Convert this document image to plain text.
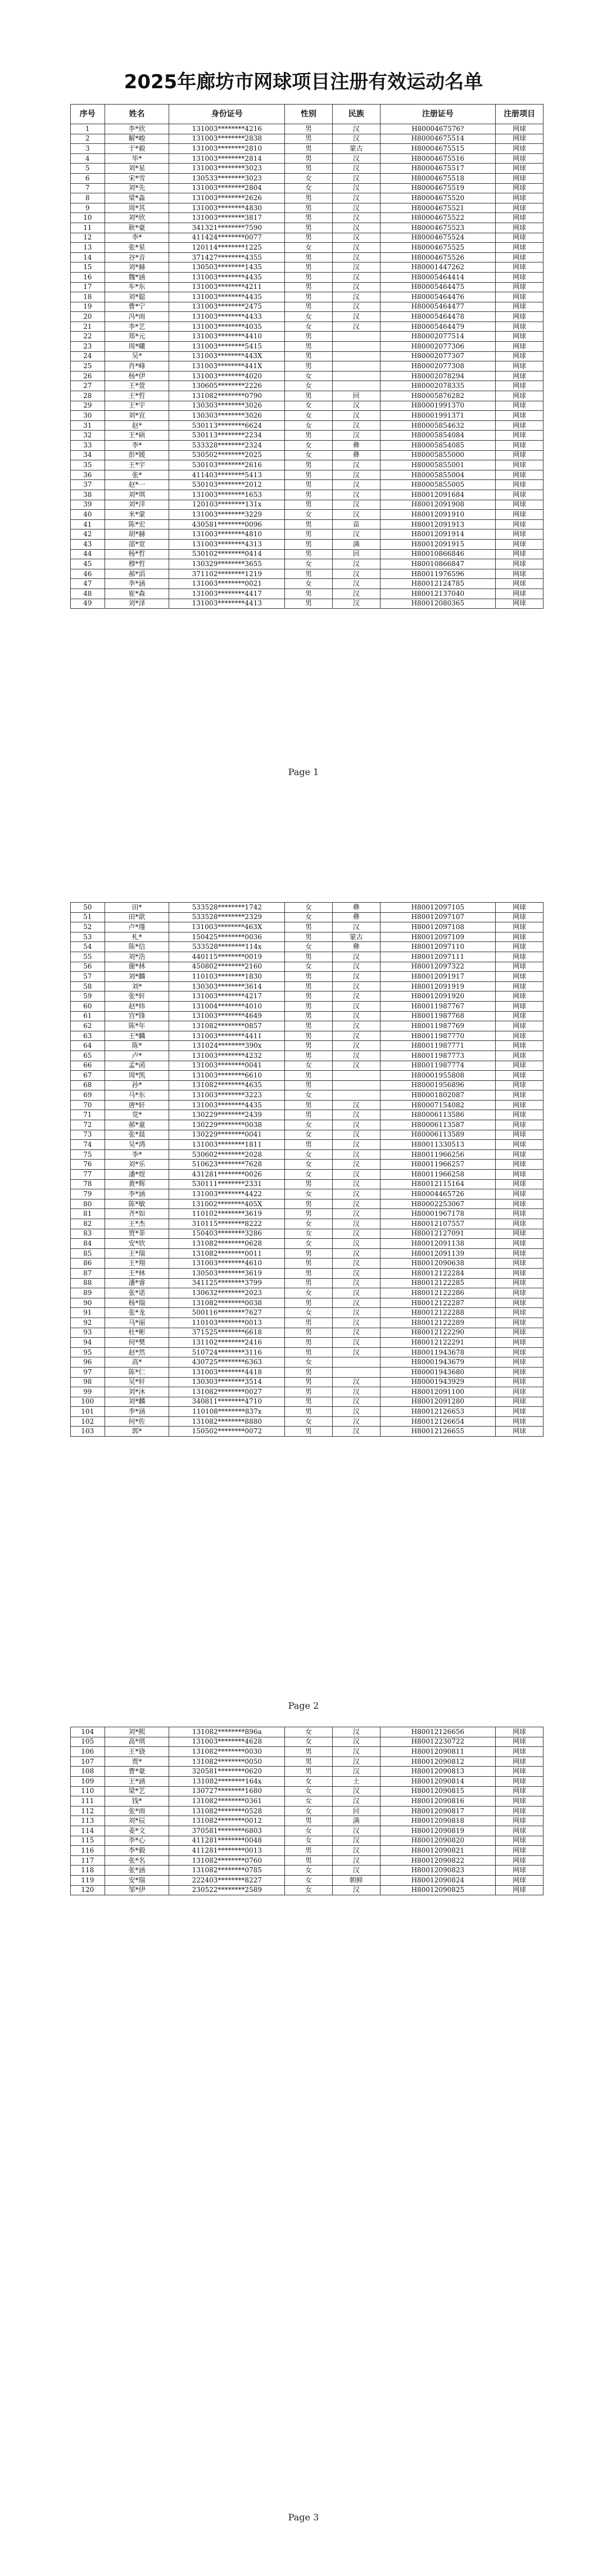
2025年廊坊市网球项目注册有效运动名单
序号	姓名	身份证号	性别	民族	注册证号	注册项目
1	李*欣	131003********4216	男	汉	H8000467576?	网球
2	解*峻	131003********2838	男	汉	H80004675514	网球
3	于*毅	131003********2810	男	蒙古	H80004675515	网球
4	毕*	131003********2814	男	汉	H80004675516	网球
5	刘*星	131003********3023	男	汉	H80004675517	网球
6	宋*雪	130533********3023	女	汉	H80004675518	网球
7	刘*先	131003********2804	女	汉	H80004675519	网球
8	梁*淼	131003********2626	男	汉	H80004675520	网球
9	周*其	131003********4830	男	汉	H80004675521	网球
10	刘*欣	131003********3817	男	汉	H80004675522	网球
11	耿*豪	341321********7590	男	汉	H80004675523	网球
12	李*	411424********0077	男	汉	H80004675524	网球
13	张*星	120114********1225	女	汉	H80004675525	网球
14	谷*音	371427********4355	男	汉	H80004675526	网球
15	刘*赫	130503********1435	男	汉	H80001447262	网球
16	魏*涵	131003********4435	男	汉	H80005464414	网球
17	车*东	131003********4211	男	汉	H80005464475	网球
18	刘*聪	131003********4435	男	汉	H80005464476	网球
19	曹*宁	131003********2475	男	汉	H80005464477	网球
20	冯*雨	131003********4433	女	汉	H80005464478	网球
21	李*艺	131003********4035	女	汉	H80005464479	网球
22	郑*元	131003********4410	男		H80002077514	网球
23	周*曦	131003********5415	男		H80002077306	网球
24	吴*	131003********443X	男		H80002077307	网球
25	肖*峰	131003********441X	男		H80002077308	网球
26	杨*伊	131003********4020	女		H80002078294	网球
27	王*萱	130605********2226	女		H80002078335	网球
28	王*哲	131082********0790	男	回	H80005876282	网球
29	王*宇	130303********3026	女	汉	H80001991370	网球
30	刘*宣	130303********3026	女	汉	H80001991371	网球
31	赵*	530113********6624	女	汉	H80005854632	网球
32	王*硕	530113********2234	男	汉	H80005854084	网球
33	李*	533328********2324	女	彝	H80005854085	网球
34	彭*媛	530502********2025	女	彝	H80005855000	网球
35	王*宇	530103********2616	男	汉	H80005855001	网球
36	张*	411403********5413	男	汉	H80005855004	网球
37	赵*一	530103********2012	男	汉	H80005855005	网球
38	刘*琪	131003********1653	男	汉	H80012091684	网球
39	刘*洋	120103********131x	男	汉	H80012091908	网球
40	米*蒙	131003********3229	女	汉	H80012091910	网球
41	陈*宏	430581********0096	男	苗	H80012091913	网球
42	胡*赫	131003********4810	男	汉	H80012091914	网球
43	邵*宽	131003********4313	男	满	H80012091915	网球
44	杨*哲	530102********0414	男	回	H80010866846	网球
45	穆*哲	130329********3655	女	汉	H80010866847	网球
46	郝*滔	371102********1219	男	汉	H80011976596	网球
47	李*涵	131003********0021	女	汉	H80012124785	网球
48	崔*森	131003********4417	男	汉	H80012137040	网球
49	刘*泽	131003********4413	男	汉	H80012080365	网球
Page 1
50	田*	533528********1742	女	彝	H80012097105	网球
51	田*歆	533528********2329	女	彝	H80012097107	网球
52	卢*瑾	131003********463X	男	汉	H80012097108	网球
53	札*	150425********0036	男	蒙古	H80012097109	网球
54	陈*信	533528********114x	女	彝	H80012097110	网球
55	刘*浩	440115********0019	男	汉	H80012097111	网球
56	谢*林	450802********2160	女	汉	H80012097322	网球
57	刘*麟	110103********1830	男	汉	H80012091917	网球
58	刘*	130303********3614	男	汉	H80012091919	网球
59	张*轩	131003********4217	男	汉	H80012091920	网球
60	赵*炜	131004********4010	男	汉	H80011987767	网球
61	宫*锋	131003********4649	男	汉	H80011987768	网球
62	陈*年	131082********0857	男	汉	H80011987769	网球
63	王*麟	131003********4411	男	汉	H80011987770	网球
64	陈*	131024********390x	男	汉	H80011987771	网球
65	卢*	131003********4232	男	汉	H80011987773	网球
66	孟*函	131003********0041	女	汉	H80011987774	网球
67	周*凯	131003********6610	男		H80001955808	网球
68	孙*	131082********4635	男		H80001956896	网球
69	马*东	131003********3223	女		H80001802087	网球
70	唐*轩	131003********4435	男	汉	H80007154082	网球
71	党*	130229********2439	男	汉	H80006113586	网球
72	郝*童	130229********0038	女	汉	H80006113587	网球
73	张*晨	130229********0041	女	汉	H80006113589	网球
74	吴*鸿	131003********1811	男	汉	H80011330513	网球
75	李*	530602********2028	女	汉	H80011966256	网球
76	刘*乐	510623********7628	女	汉	H80011966257	网球
77	潘*煜	431281********0026	女	汉	H80011966258	网球
78	黄*辉	530111********2331	男	汉	H80012115164	网球
79	李*涵	131003********4422	女	汉	H80004465726	网球
80	陈*敏	131002********405X	男	汉	H80002253067	网球
81	齐*如	110102********3619	男	汉	H80001967178	网球
82	王*杰	310115********8222	女	汉	H80012107557	网球
83	贾*菲	150403********3286	女	汉	H80012127091	网球
84	安*欣	131082********0628	女	汉	H80012091138	网球
85	王*瑞	131082********0011	男	汉	H80012091139	网球
86	王*翔	131003********4610	男	汉	H80012090638	网球
87	王*林	130503********3619	男	汉	H80012122284	网球
88	潘*睿	341125********3799	男	汉	H80012122285	网球
89	张*诺	130632********2023	女	汉	H80012122286	网球
90	杨*瑞	131082********0038	男	汉	H80012122287	网球
91	张*龙	500116********7627	女	汉	H80012122288	网球
92	马*丽	110103********0013	男	汉	H80012122289	网球
93	杜*彬	371525********6618	男	汉	H80012122290	网球
94	何*樊	131102********2416	男	汉	H80012122291	网球
95	赵*然	510724********3116	男	汉	H80011943678	网球
96	高*	430725********6363	女		H80001943679	网球
97	陈*仁	131003********4418	男		H80001943680	网球
98	吴*轩	130303********3514	男	汉	H80001943929	网球
99	刘*沐	131082********0027	男	汉	H80012091100	网球
100	刘*麟	340811********4710	男	汉	H80012091280	网球
101	李*涵	110108********837x	男	汉	H80012126653	网球
102	何*佐	131082********8880	女	汉	H80012126654	网球
103	郭*	150502********0072	男	汉	H80012126655	网球
Page 2
104	刘*熙	131082********896a	女	汉	H80012126656	网球
105	高*琪	131003********4628	女	汉	H80012230722	网球
106	王*骁	131082********0030	男	汉	H80012090811	网球
107	贾*	131082********0050	男	汉	H80012090812	网球
108	曹*豪	320581********0620	男	汉	H80012090813	网球
109	王*涵	131082********164x	女	土	H80012090814	网球
110	梁*艺	130727********1680	女	汉	H80012090815	网球
111	钱*	131082********0361	女	汉	H80012090816	网球
112	张*雨	131082********0528	女	回	H80012090817	网球
113	刘*辰	131082********0012	男	满	H80012090818	网球
114	姜*文	370581********6803	女	汉	H80012090819	网球
115	李*心	411281********0048	女	汉	H80012090820	网球
116	李*毅	411281********0013	男	汉	H80012090821	网球
117	张*名	131082********0760	男	汉	H80012090822	网球
118	张*涵	131082********0785	女	汉	H80012090823	网球
119	安*瑞	222403********8227	女	朝鲜	H80012090824	网球
120	邹*伊	230522********2589	女	汉	H80012090825	网球
Page 3
